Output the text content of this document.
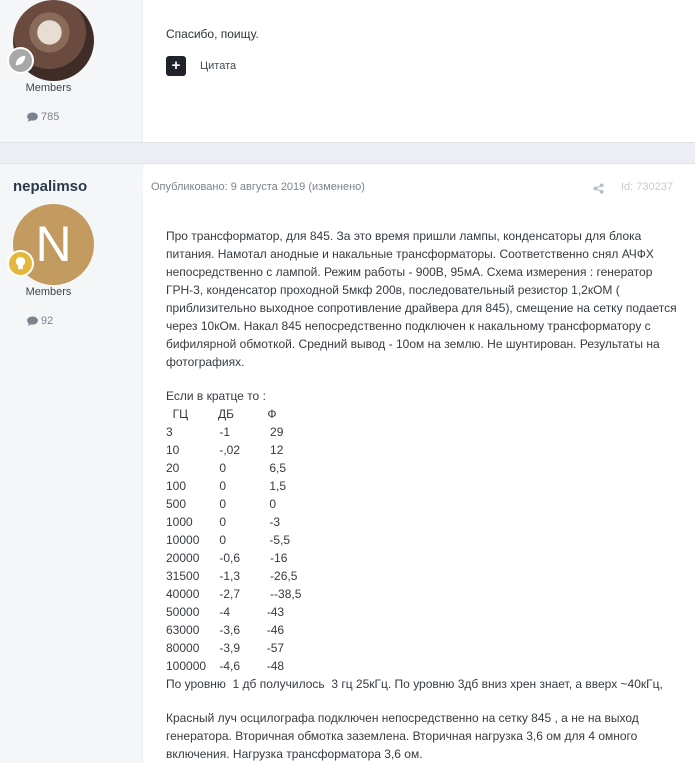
Members
785
Спасибо, поищу.
+	Цитата
nepalimso
N
Members
92
Опубликовано: 9 августа 2019 (изменено)	Id: 730237

Про трансформатор, для 845. За это время пришли лампы, конденсаторы для блока питания. Намотал анодные и накальные трансформаторы. Соответственно снял АЧФХ непосредственно с лампой. Режим работы - 900В, 95мА. Схема измерения : генератор ГРН-3, конденсатор проходной 5мкф 200в, последовательный резистор 1,2кОМ ( приблизительно выходное сопротивление драйвера для 845), смещение на сетку подается через 10кОм. Накал 845 непосредственно подключен к накальному трансформатору с бифилярной обмоткой. Средний вывод - 10ом на землю. Не шунтирован. Результаты на фотографиях.

Если в кратце то :

ГЦ         ДБ          Ф
3              -1            29
10            -,02         12
20            0             6,5
100          0             1,5
500          0             0
1000        0             -3
10000      0             -5,5
20000      -0,6         -16
31500      -1,3         -26,5
40000      -2,7         --38,5
50000      -4           -43
63000      -3,6        -46
80000      -3,9        -57
100000    -4,6        -48
По уровню  1 дб получилось  3 гц 25кГц. По уровню 3дб вниз хрен знает, а вверх ~40кГц,

Красный луч осцилографа подключен непосредственно на сетку 845 , а не на выход генератора. Вторичная обмотка заземлена. Вторичная нагрузка 3,6 ом для 4 омного включения. Нагрузка трансформатора 3,6 ом.
